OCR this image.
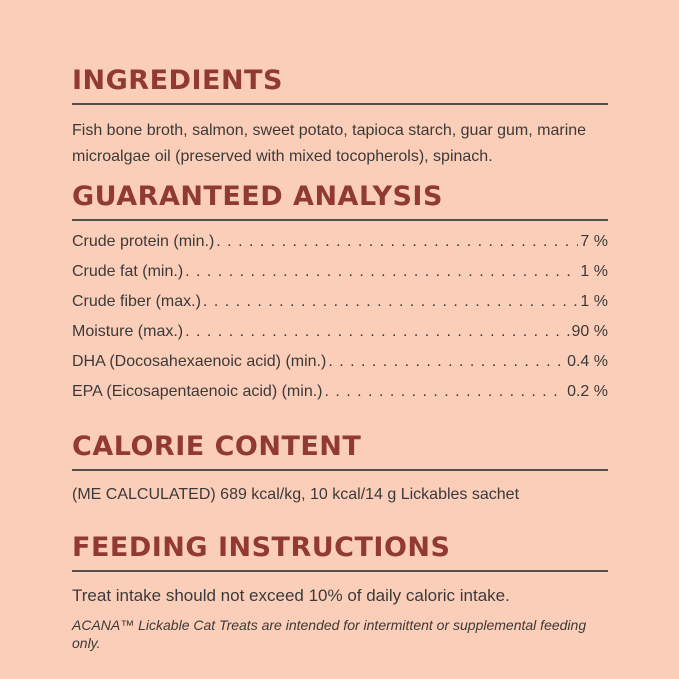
INGREDIENTS

Fish bone broth, salmon, sweet potato, tapioca starch, guar gum, marine microalgae oil (preserved with mixed tocopherols), spinach.

GUARANTEED ANALYSIS
Crude protein (min.) . . .	7 %
Crude fat (min.) . . .	1 %
Crude fiber (max.) . . .	1 %
Moisture (max.) . . .	90 %
DHA (Docosahexaenoic acid) (min.) . . .	0.4 %
EPA (Eicosapentaenoic acid) (min.) . . .	0.2 %
CALORIE CONTENT

(ME CALCULATED) 689 kcal/kg, 10 kcal/14 g Lickables sachet

FEEDING INSTRUCTIONS

Treat intake should not exceed 10% of daily caloric intake.

ACANA™ Lickable Cat Treats are intended for intermittent or supplemental feeding only.
